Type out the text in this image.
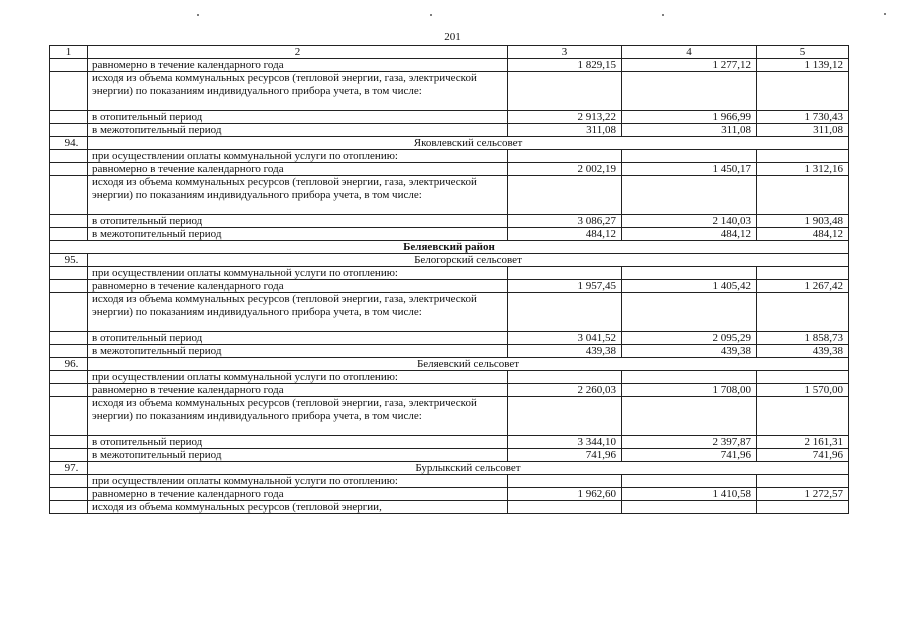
201
1	2	3	4	5
	равномерно в течение календарного года	1 829,15	1 277,12	1 139,12
	исходя из объема коммунальных ресурсов (тепловой энергии, газа, электрической энергии) по показаниям индивидуального прибора учета, в том числе:			
	в отопительный период	2 913,22	1 966,99	1 730,43
	в межотопительный период	311,08	311,08	311,08
94.	Яковлевский сельсовет			
	при осуществлении оплаты коммунальной услуги по отоплению:			
	равномерно в течение календарного года	2 002,19	1 450,17	1 312,16
	исходя из объема коммунальных ресурсов (тепловой энергии, газа, электрической энергии) по показаниям индивидуального прибора учета, в том числе:			
	в отопительный период	3 086,27	2 140,03	1 903,48
	в межотопительный период	484,12	484,12	484,12
Беляевский район				
95.	Белогорский сельсовет			
	при осуществлении оплаты коммунальной услуги по отоплению:			
	равномерно в течение календарного года	1 957,45	1 405,42	1 267,42
	исходя из объема коммунальных ресурсов (тепловой энергии, газа, электрической энергии) по показаниям индивидуального прибора учета, в том числе:			
	в отопительный период	3 041,52	2 095,29	1 858,73
	в межотопительный период	439,38	439,38	439,38
96.	Беляевский сельсовет			
	при осуществлении оплаты коммунальной услуги по отоплению:			
	равномерно в течение календарного года	2 260,03	1 708,00	1 570,00
	исходя из объема коммунальных ресурсов (тепловой энергии, газа, электрической энергии) по показаниям индивидуального прибора учета, в том числе:			
	в отопительный период	3 344,10	2 397,87	2 161,31
	в межотопительный период	741,96	741,96	741,96
97.	Бурлыкский сельсовет			
	при осуществлении оплаты коммунальной услуги по отоплению:			
	равномерно в течение календарного года	1 962,60	1 410,58	1 272,57
	исходя из объема коммунальных ресурсов (тепловой энергии,			
